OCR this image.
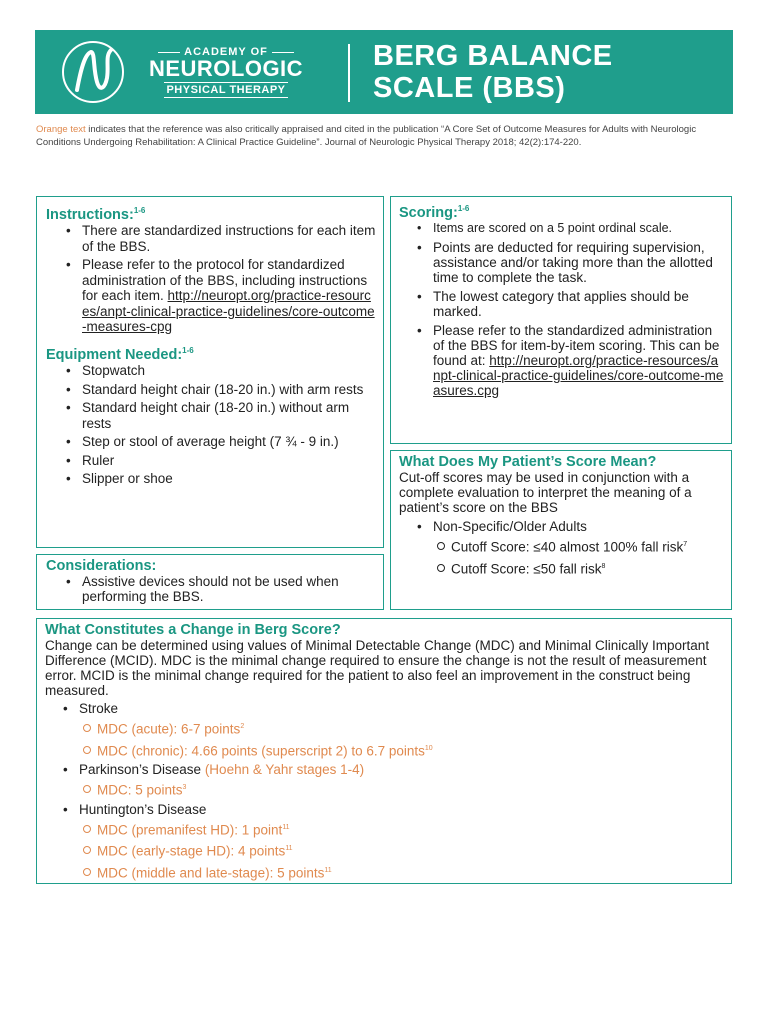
ACADEMY OF
NEUROLOGIC
PHYSICAL THERAPY
BERG BALANCE
SCALE (BBS)
Orange text indicates that the reference was also critically appraised and cited in the publication “A Core Set of Outcome Measures for Adults with Neurologic Conditions Undergoing Rehabilitation: A Clinical Practice Guideline”. Journal of Neurologic Physical Therapy 2018; 42(2):174-220.
Instructions:$^{1-6}$
• There are standardized instructions for each item of the BBS.
• Please refer to the protocol for standardized administration of the BBS, including instructions for each item. http://neuropt.org/practice-resources/anpt-clinical-practice-guidelines/core-outcome-measures-cpg
Equipment Needed:$^{1-6}$
• Stopwatch
• Standard height chair (18-20 in.) with arm rests
• Standard height chair (18-20 in.) without arm rests
• Step or stool of average height (7 ¾ - 9 in.)
• Ruler
• Slipper or shoe
Considerations:
• Assistive devices should not be used when performing the BBS.
Scoring:$^{1-6}$
• Items are scored on a 5 point ordinal scale.
• Points are deducted for requiring supervision, assistance and/or taking more than the allotted time to complete the task.
• The lowest category that applies should be marked.
• Please refer to the standardized administration of the BBS for item-by-item scoring. This can be found at: http://neuropt.org/practice-resources/anpt-clinical-practice-guidelines/core-outcome-measures.cpg
What Does My Patient’s Score Mean?
Cut-off scores may be used in conjunction with a complete evaluation to interpret the meaning of a patient’s score on the BBS
• Non-Specific/Older Adults
Cutoff Score: ≤40 almost 100% fall risk$^7$
Cutoff Score: ≤50 fall risk$^8$
What Constitutes a Change in Berg Score?
Change can be determined using values of Minimal Detectable Change (MDC) and Minimal Clinically Important Difference (MCID). MDC is the minimal change required to ensure the change is not the result of measurement error. MCID is the minimal change required for the patient to also feel an improvement in the construct being measured.
• Stroke
MDC (acute): 6-7 points$^2$
MDC (chronic): 4.66 points (superscript 2) to 6.7 points$^{10}$
• Parkinson’s Disease (Hoehn & Yahr stages 1-4)
MDC: 5 points$^3$
• Huntington’s Disease
MDC (premanifest HD): 1 point$^{11}$
MDC (early-stage HD): 4 points$^{11}$
MDC (middle and late-stage): 5 points$^{11}$
